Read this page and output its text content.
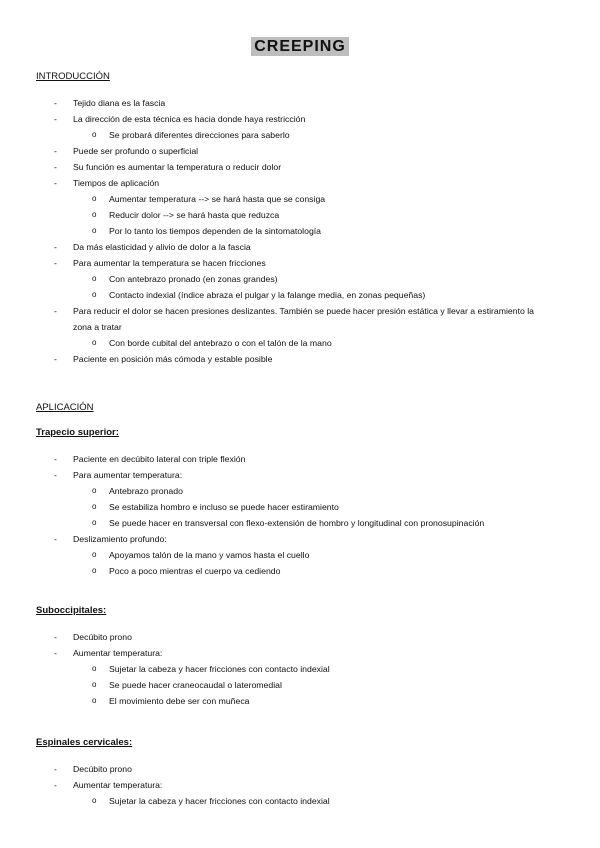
CREEPING
INTRODUCCIÓN
- Tejido diana es la fascia
- La dirección de esta técnica es hacia donde haya restricción
o Se probará diferentes direcciones para saberlo
- Puede ser profundo o superficial
- Su función es aumentar la temperatura o reducir dolor
- Tiempos de aplicación
o Aumentar temperatura --> se hará hasta que se consiga
o Reducir dolor --> se hará hasta que reduzca
o Por lo tanto los tiempos dependen de la sintomatología
- Da más elasticidad y alivio de dolor a la fascia
- Para aumentar la temperatura se hacen fricciones
o Con antebrazo pronado (en zonas grandes)
o Contacto indexial (índice abraza el pulgar y la falange media, en zonas pequeñas)
- Para reducir el dolor se hacen presiones deslizantes. También se puede hacer presión estática y llevar a estiramiento la zona a tratar
o Con borde cubital del antebrazo o con el talón de la mano
- Paciente en posición más cómoda y estable posible
APLICACIÓN
Trapecio superior:
- Paciente en decúbito lateral con triple flexión
- Para aumentar temperatura:
o Antebrazo pronado
o Se estabiliza hombro e incluso se puede hacer estiramiento
o Se puede hacer en transversal con flexo-extensión de hombro y longitudinal con pronosupinación
- Deslizamiento profundo:
o Apoyamos talón de la mano y vamos hasta el cuello
o Poco a poco mientras el cuerpo va cediendo
Suboccipitales:
- Decúbito prono
- Aumentar temperatura:
o Sujetar la cabeza y hacer fricciones con contacto indexial
o Se puede hacer craneocaudal o lateromedial
o El movimiento debe ser con muñeca
Espinales cervicales:
- Decúbito prono
- Aumentar temperatura:
o Sujetar la cabeza y hacer fricciones con contacto indexial
